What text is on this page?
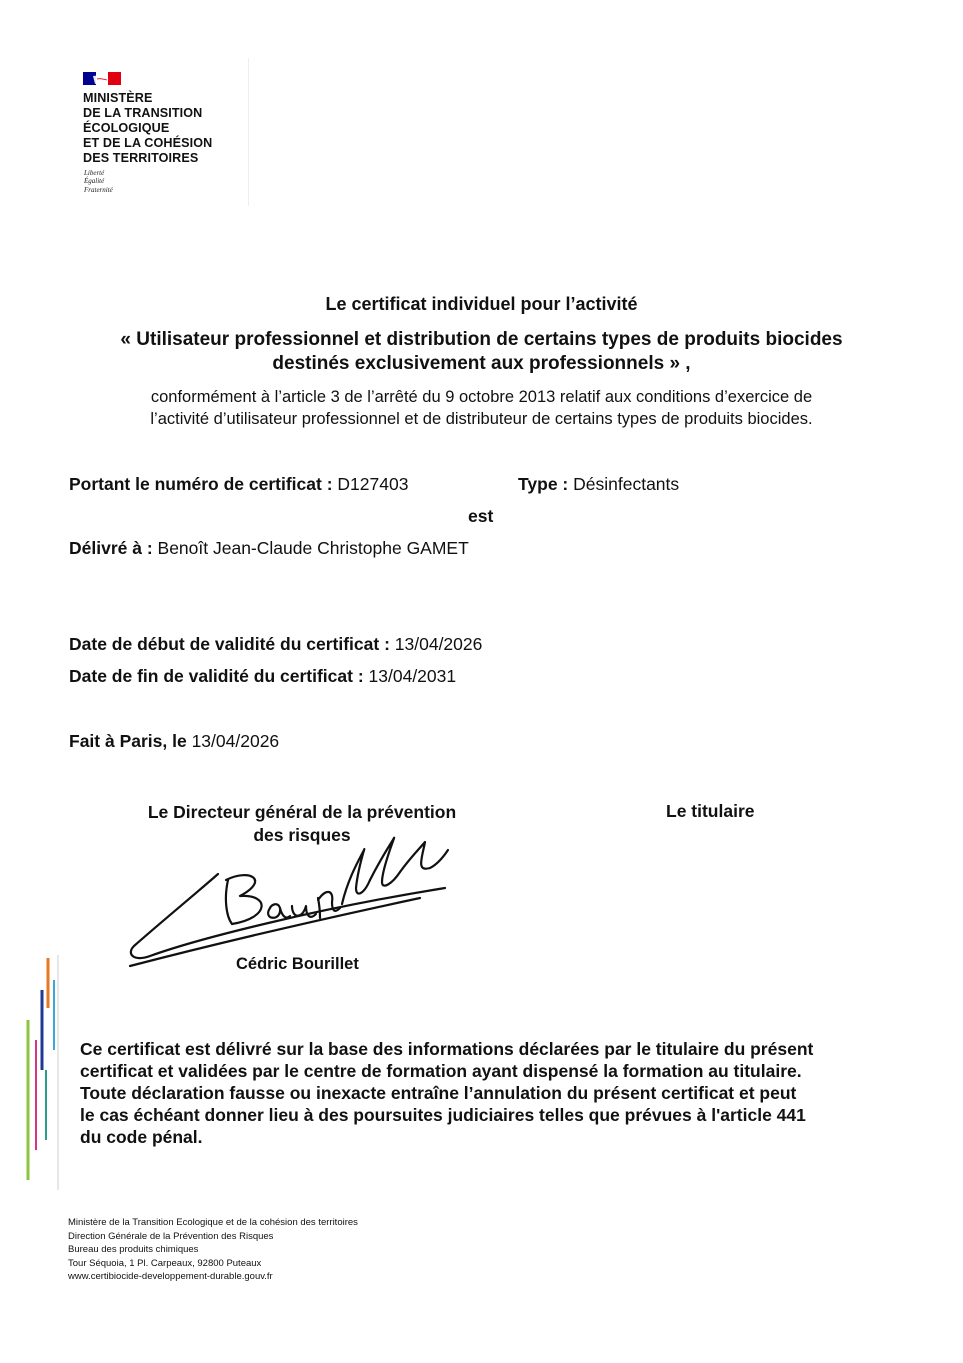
MINISTÈRE
DE LA TRANSITION
ÉCOLOGIQUE
ET DE LA COHÉSION
DES TERRITOIRES
Liberté
Égalité
Fraternité
Le certificat individuel pour l’activité
« Utilisateur professionnel et distribution de certains types de produits biocides
destinés exclusivement aux professionnels » ,
conformément à l’article 3 de l’arrêté du 9 octobre 2013 relatif aux conditions d’exercice de
l’activité d’utilisateur professionnel et de distributeur de certains types de produits biocides.
Portant le numéro de certificat : D127403	Type : Désinfectants
est
Délivré à : Benoît Jean-Claude Christophe GAMET
Date de début de validité du certificat : 13/04/2026
Date de fin de validité du certificat : 13/04/2031
Fait à Paris, le 13/04/2026
Le Directeur général de la prévention
des risques
Le titulaire
Cédric Bourillet
Ce certificat est délivré sur la base des informations déclarées par le titulaire du présent
certificat et validées par le centre de formation ayant dispensé la formation au titulaire.
Toute déclaration fausse ou inexacte entraîne l’annulation du présent certificat et peut
le cas échéant donner lieu à des poursuites judiciaires telles que prévues à l'article 441
du code pénal.
Ministère de la Transition Ecologique et de la cohésion des territoires
Direction Générale de la Prévention des Risques
Bureau des produits chimiques
Tour Séquoia, 1 Pl. Carpeaux, 92800 Puteaux
www.certibiocide-developpement-durable.gouv.fr
